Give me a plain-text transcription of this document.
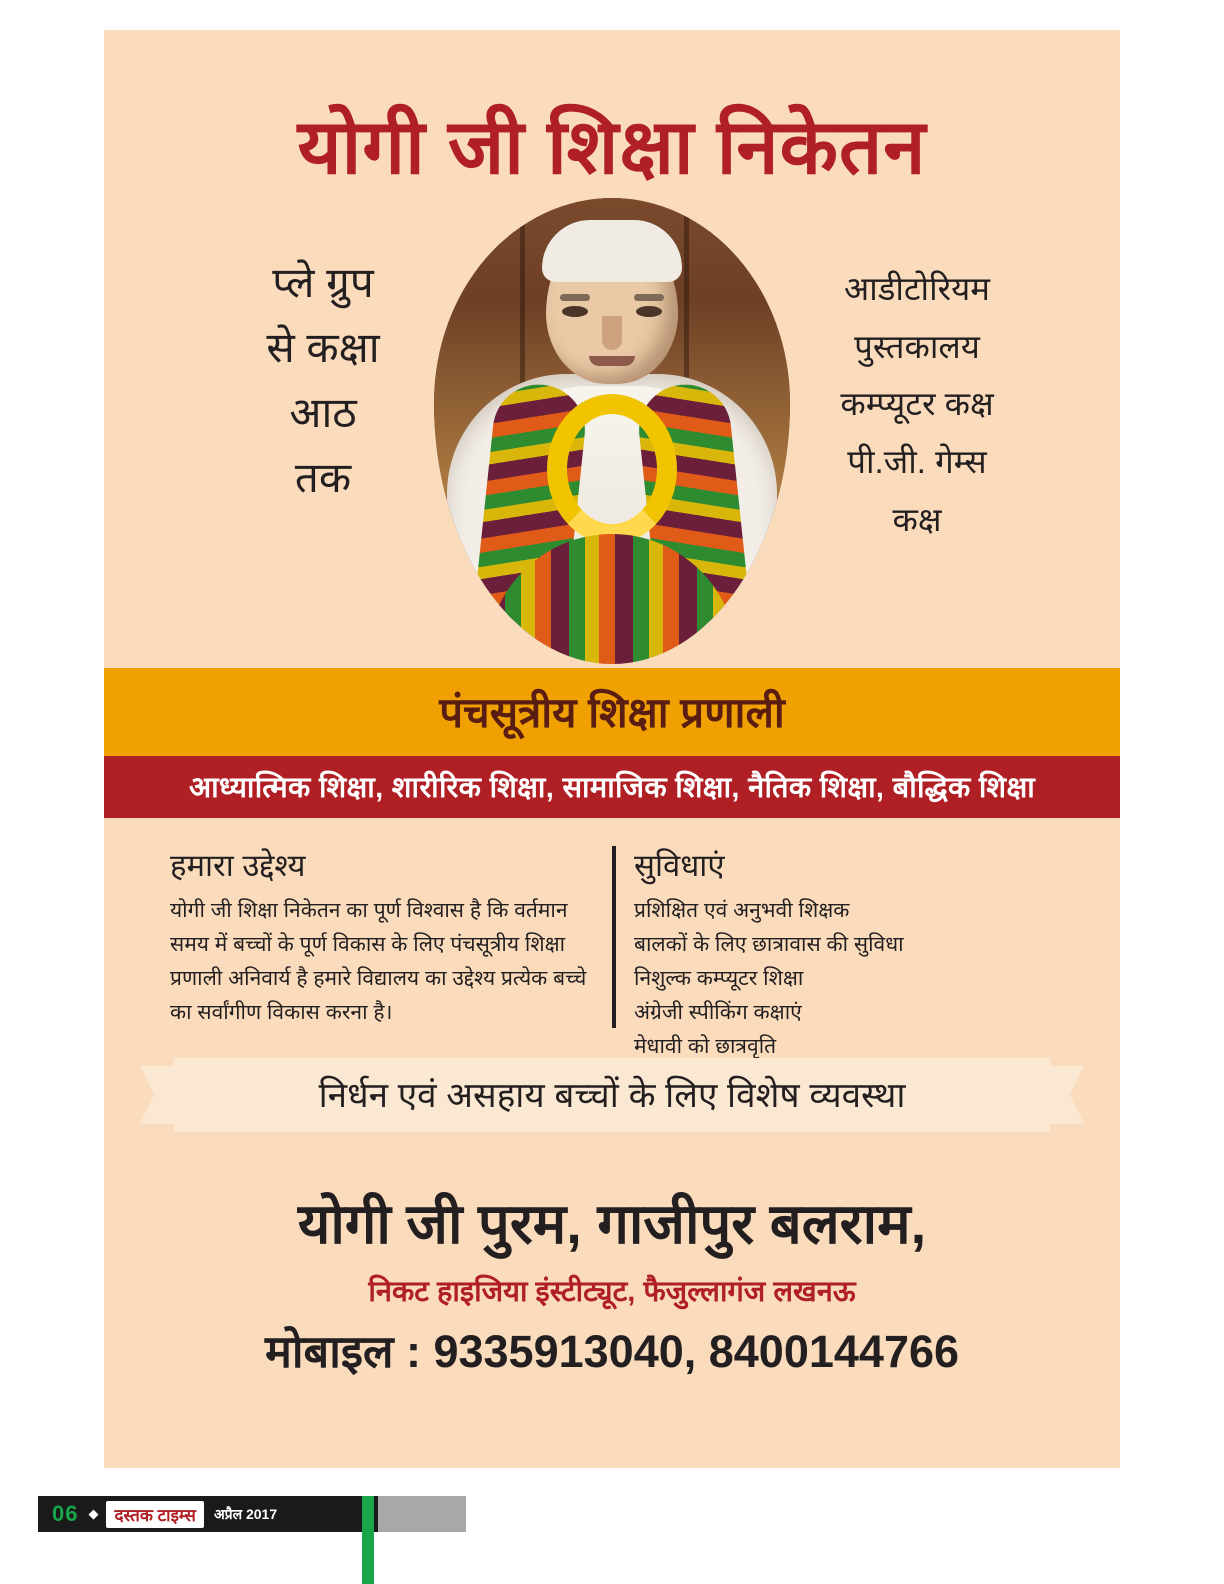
योगी जी शिक्षा निकेतन
प्ले ग्रुप
से कक्षा
आठ
तक
आडीटोरियम
पुस्तकालय
कम्प्यूटर कक्ष
पी.जी. गेम्स
कक्ष
पंचसूत्रीय शिक्षा प्रणाली
आध्यात्मिक शिक्षा, शारीरिक शिक्षा, सामाजिक शिक्षा, नैतिक शिक्षा, बौद्धिक शिक्षा
हमारा उद्देश्य

योगी जी शिक्षा निकेतन का पूर्ण विश्वास है कि वर्तमान समय में बच्चों के पूर्ण विकास के लिए पंचसूत्रीय शिक्षा प्रणाली अनिवार्य है हमारे विद्यालय का उद्देश्य प्रत्येक बच्चे का सर्वांगीण विकास करना है।

सुविधाएं
प्रशिक्षित एवं अनुभवी शिक्षक
बालकों के लिए छात्रावास की सुविधा
निशुल्क कम्प्यूटर शिक्षा
अंग्रेजी स्पीकिंग कक्षाएं
मेधावी को छात्रवृति
निर्धन एवं असहाय बच्चों के लिए विशेष व्यवस्था
योगी जी पुरम, गाजीपुर बलराम,
निकट हाइजिया इंस्टीट्यूट, फैजुल्लागंज लखनऊ
मोबाइल : 9335913040, 8400144766
06 ◆ दस्तक टाइम्स	अप्रैल 2017
